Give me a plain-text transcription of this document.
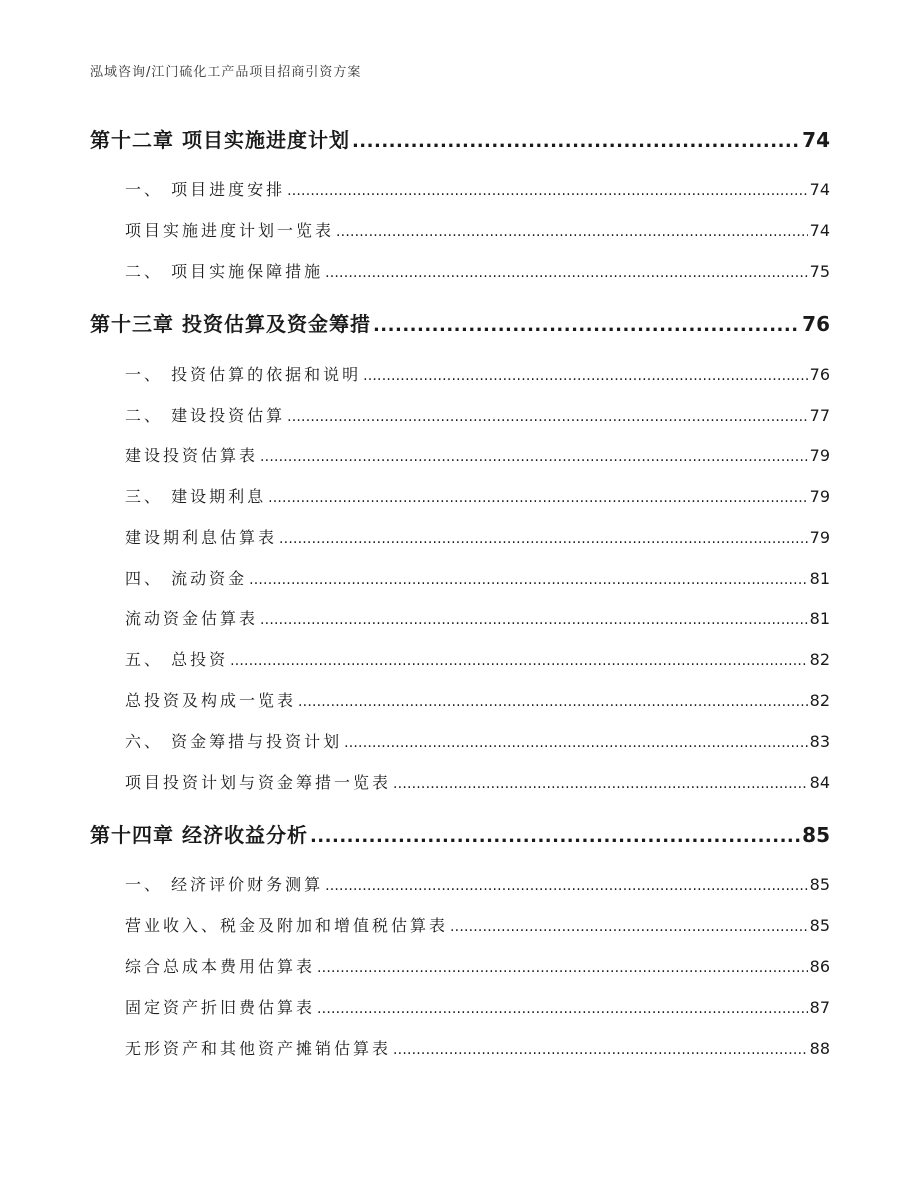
泓域咨询/江门硫化工产品项目招商引资方案
第十二章 项目实施进度计划 .....	74
一、 项目进度安排 .....	74
项目实施进度计划一览表 .....	74
二、 项目实施保障措施 .....	75
第十三章 投资估算及资金筹措 .....	76
一、 投资估算的依据和说明 .....	76
二、 建设投资估算 .....	77
建设投资估算表 .....	79
三、 建设期利息 .....	79
建设期利息估算表 .....	79
四、 流动资金 .....	81
流动资金估算表 .....	81
五、 总投资 .....	82
总投资及构成一览表 .....	82
六、 资金筹措与投资计划 .....	83
项目投资计划与资金筹措一览表 .....	84
第十四章 经济收益分析 .....	85
一、 经济评价财务测算 .....	85
营业收入、税金及附加和增值税估算表 .....	85
综合总成本费用估算表 .....	86
固定资产折旧费估算表 .....	87
无形资产和其他资产摊销估算表 .....	88
